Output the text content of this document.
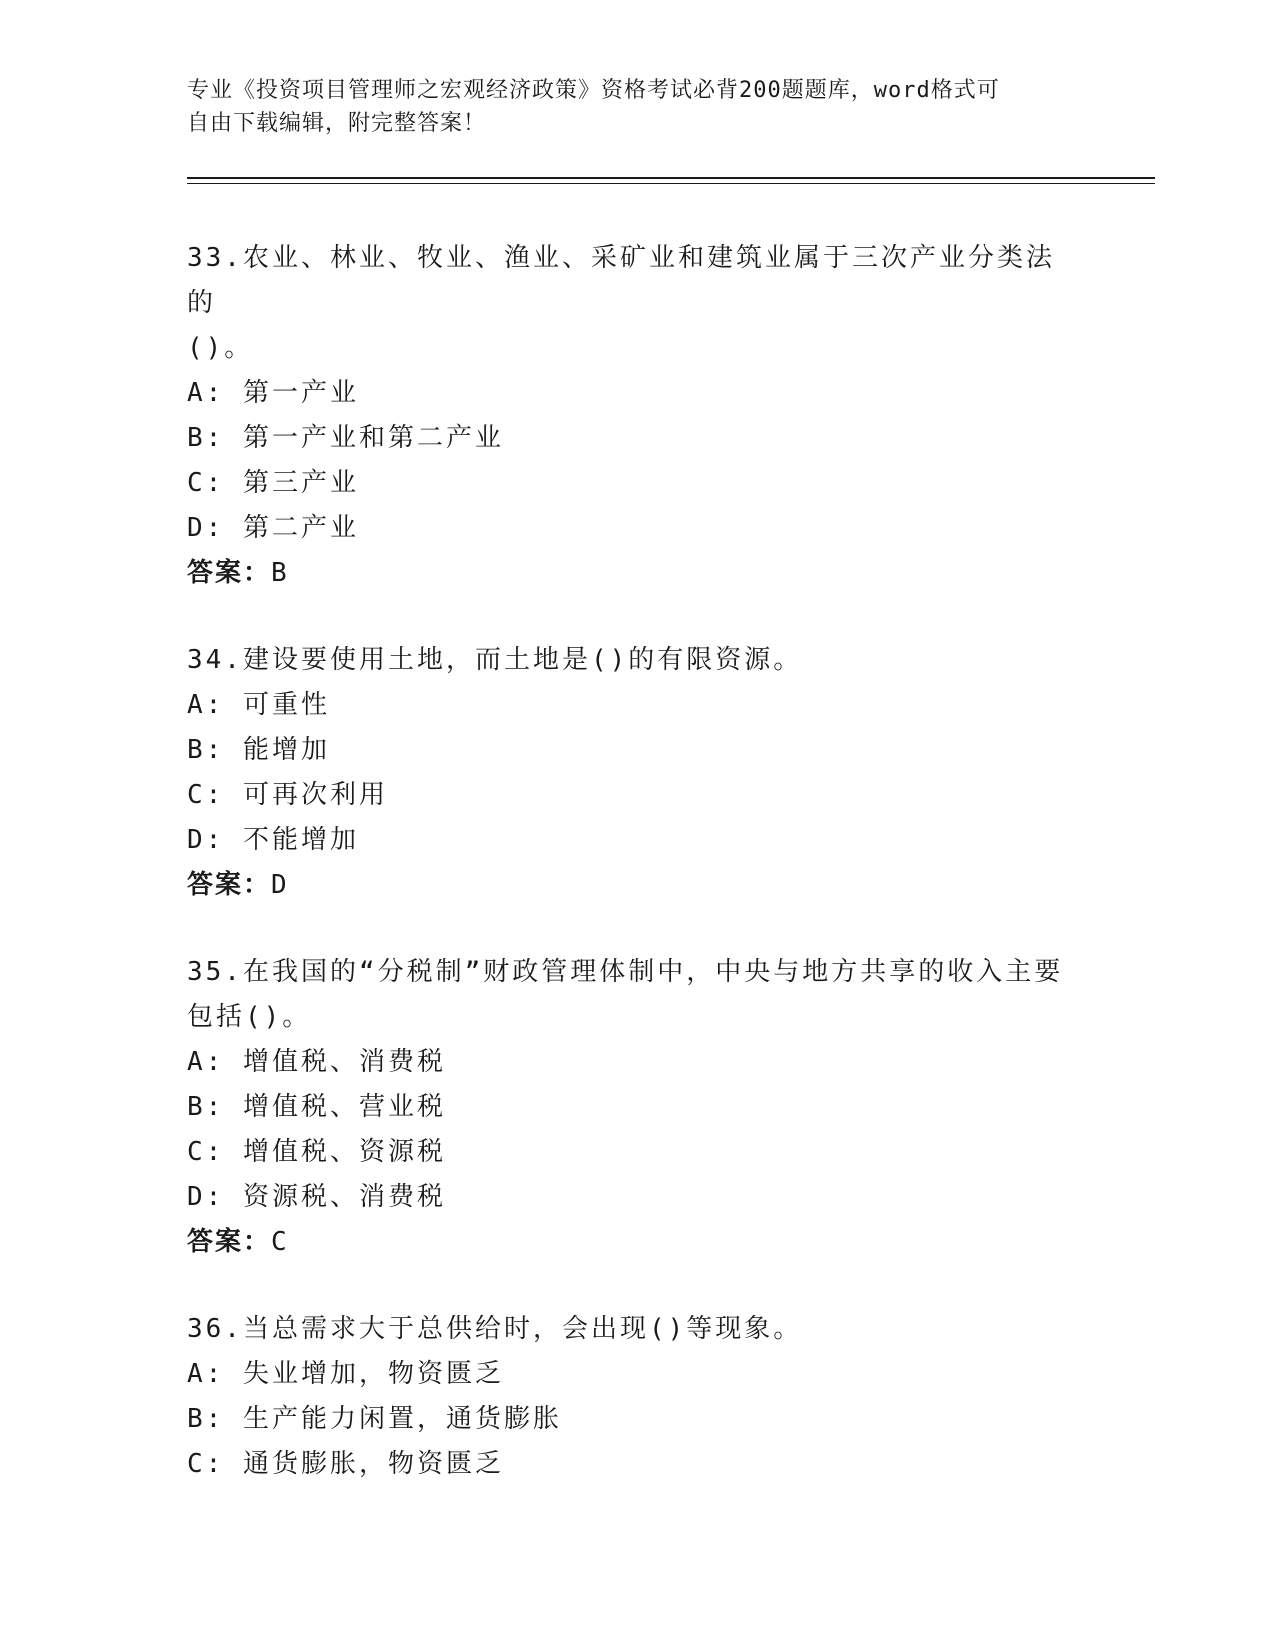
专业《投资项目管理师之宏观经济政策》资格考试必背200题题库，word格式可
自由下载编辑，附完整答案！
33.农业、林业、牧业、渔业、采矿业和建筑业属于三次产业分类法的
()。
A: 第一产业
B: 第一产业和第二产业
C: 第三产业
D: 第二产业
答案：B
34.建设要使用土地，而土地是()的有限资源。
A: 可重性
B: 能增加
C: 可再次利用
D: 不能增加
答案：D
35.在我国的“分税制”财政管理体制中，中央与地方共享的收入主要
包括()。
A: 增值税、消费税
B: 增值税、营业税
C: 增值税、资源税
D: 资源税、消费税
答案：C
36.当总需求大于总供给时，会出现()等现象。
A: 失业增加，物资匮乏
B: 生产能力闲置，通货膨胀
C: 通货膨胀，物资匮乏
